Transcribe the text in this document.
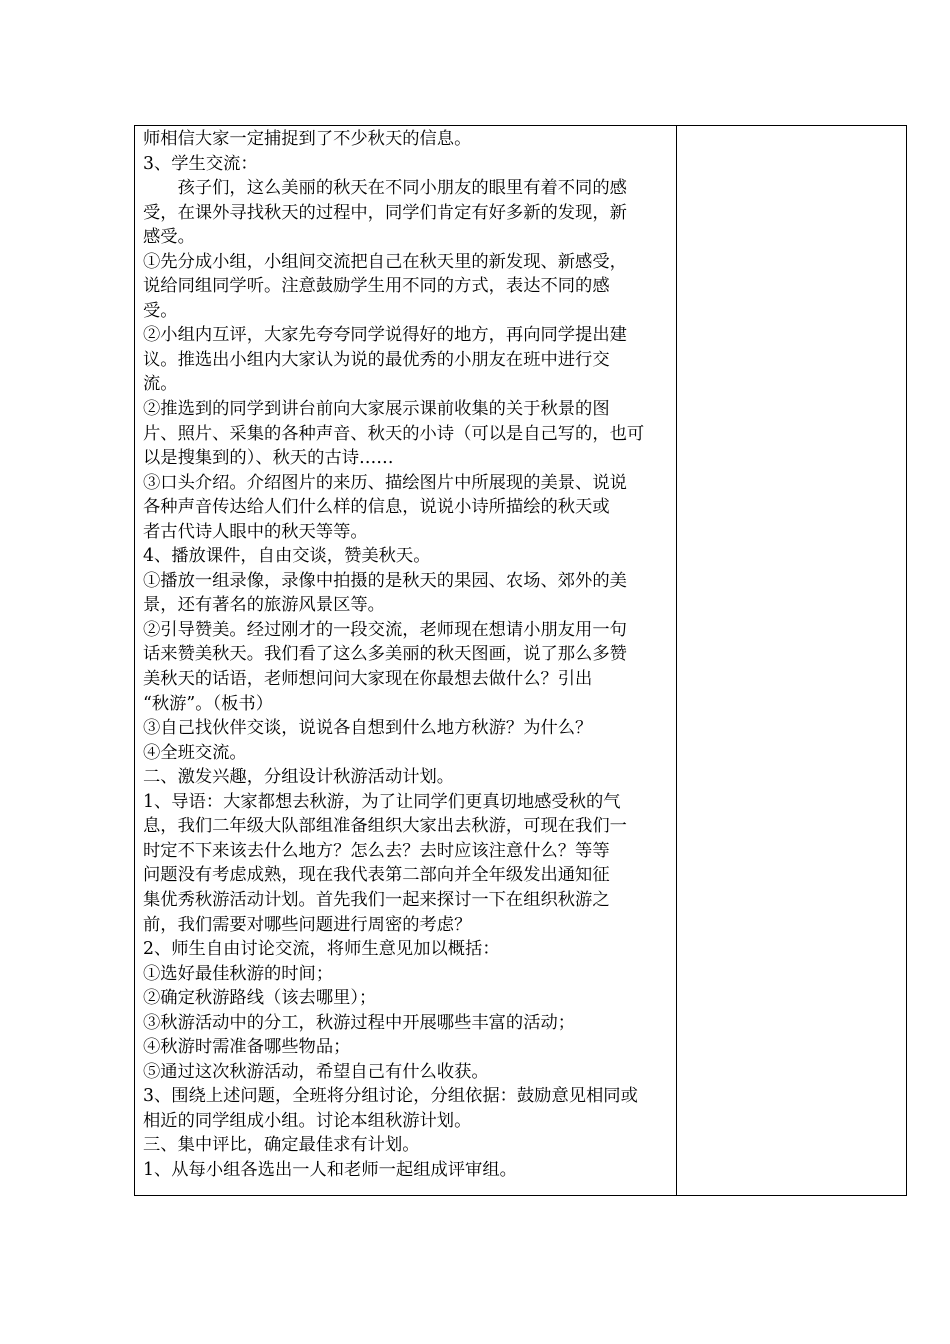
师相信大家一定捕捉到了不少秋天的信息。
3、学生交流：
　　孩子们，这么美丽的秋天在不同小朋友的眼里有着不同的感
受，在课外寻找秋天的过程中，同学们肯定有好多新的发现，新
感受。
①先分成小组，小组间交流把自己在秋天里的新发现、新感受，
说给同组同学听。注意鼓励学生用不同的方式，表达不同的感
受。
②小组内互评，大家先夸夸同学说得好的地方，再向同学提出建
议。推选出小组内大家认为说的最优秀的小朋友在班中进行交
流。
②推选到的同学到讲台前向大家展示课前收集的关于秋景的图
片、照片、采集的各种声音、秋天的小诗（可以是自己写的，也可
以是搜集到的）、秋天的古诗……
③口头介绍。介绍图片的来历、描绘图片中所展现的美景、说说
各种声音传达给人们什么样的信息，说说小诗所描绘的秋天或
者古代诗人眼中的秋天等等。
4、播放课件，自由交谈，赞美秋天。
①播放一组录像，录像中拍摄的是秋天的果园、农场、郊外的美
景，还有著名的旅游风景区等。
②引导赞美。经过刚才的一段交流，老师现在想请小朋友用一句
话来赞美秋天。我们看了这么多美丽的秋天图画，说了那么多赞
美秋天的话语，老师想问问大家现在你最想去做什么？引出
“秋游”。（板书）
③自己找伙伴交谈，说说各自想到什么地方秋游？为什么？
④全班交流。
二、激发兴趣，分组设计秋游活动计划。
1、导语：大家都想去秋游，为了让同学们更真切地感受秋的气
息，我们二年级大队部组准备组织大家出去秋游，可现在我们一
时定不下来该去什么地方？怎么去？去时应该注意什么？等等
问题没有考虑成熟，现在我代表第二部向并全年级发出通知征
集优秀秋游活动计划。首先我们一起来探讨一下在组织秋游之
前，我们需要对哪些问题进行周密的考虑？
2、师生自由讨论交流，将师生意见加以概括：
①选好最佳秋游的时间；
②确定秋游路线（该去哪里）；
③秋游活动中的分工，秋游过程中开展哪些丰富的活动；
④秋游时需准备哪些物品；
⑤通过这次秋游活动，希望自己有什么收获。
3、围绕上述问题，全班将分组讨论，分组依据：鼓励意见相同或
相近的同学组成小组。讨论本组秋游计划。
三、集中评比，确定最佳求有计划。
1、从每小组各选出一人和老师一起组成评审组。
